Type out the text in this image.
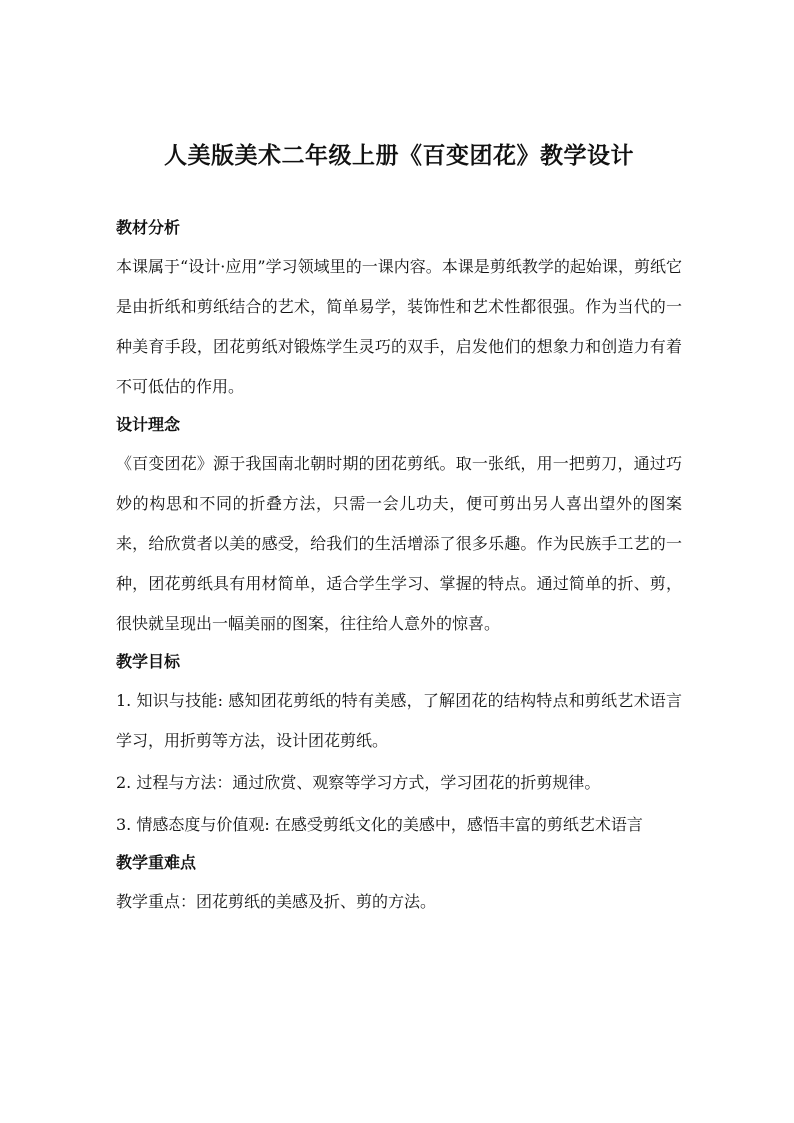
人美版美术二年级上册《百变团花》教学设计
教材分析
本课属于“设计·应用”学习领域里的一课内容。本课是剪纸教学的起始课，剪纸它是由折纸和剪纸结合的艺术，简单易学，装饰性和艺术性都很强。作为当代的一种美育手段，团花剪纸对锻炼学生灵巧的双手，启发他们的想象力和创造力有着不可低估的作用。
设计理念
《百变团花》源于我国南北朝时期的团花剪纸。取一张纸，用一把剪刀，通过巧妙的构思和不同的折叠方法，只需一会儿功夫，便可剪出另人喜出望外的图案来，给欣赏者以美的感受，给我们的生活增添了很多乐趣。作为民族手工艺的一种，团花剪纸具有用材简单，适合学生学习、掌握的特点。通过简单的折、剪，很快就呈现出一幅美丽的图案，往往给人意外的惊喜。
教学目标
1. 知识与技能: 感知团花剪纸的特有美感，了解团花的结构特点和剪纸艺术语言学习，用折剪等方法，设计团花剪纸。
2. 过程与方法：通过欣赏、观察等学习方式，学习团花的折剪规律。
3. 情感态度与价值观: 在感受剪纸文化的美感中，感悟丰富的剪纸艺术语言
教学重难点
教学重点：团花剪纸的美感及折、剪的方法。
